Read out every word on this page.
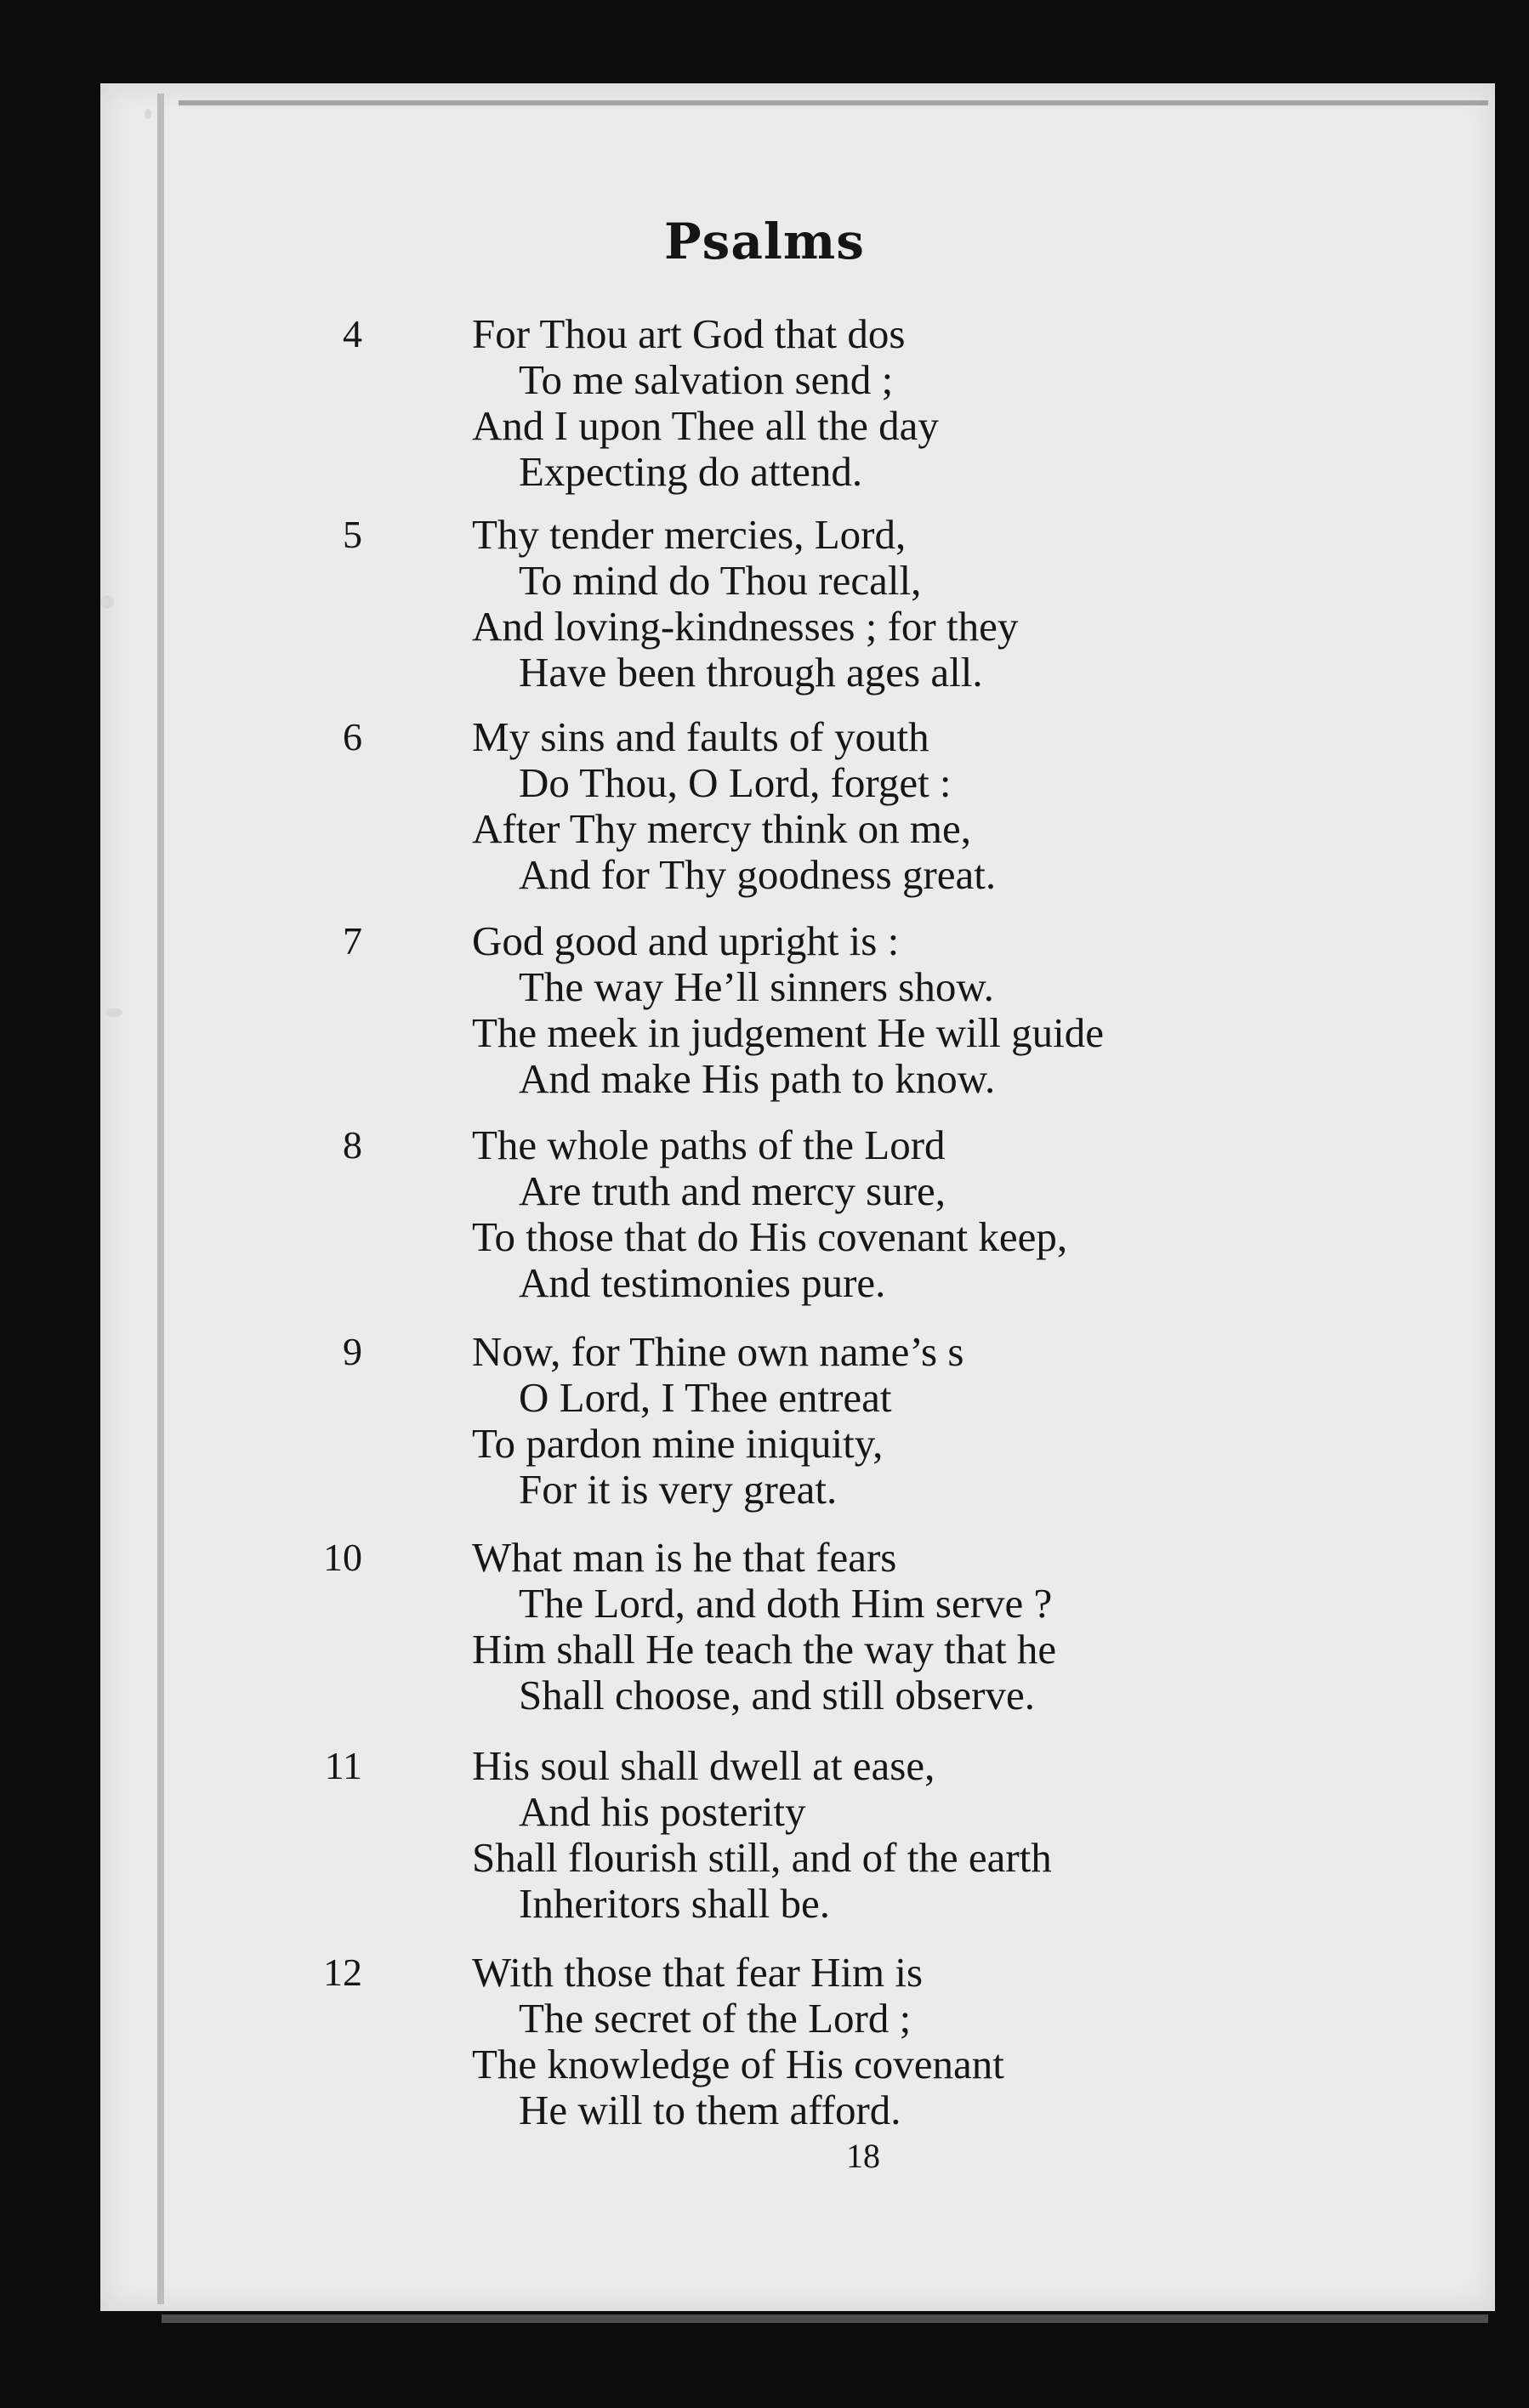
Psalms
4	For Thou art God that dos
To me salvation send ;
And I upon Thee all the day
Expecting do attend.
5	Thy tender mercies, Lord,
To mind do Thou recall,
And loving-kindnesses ; for they
Have been through ages all.
6	My sins and faults of youth
Do Thou, O Lord, forget :
After Thy mercy think on me,
And for Thy goodness great.
7	God good and upright is :
The way He’ll sinners show.
The meek in judgement He will guide
And make His path to know.
8	The whole paths of the Lord
Are truth and mercy sure,
To those that do His covenant keep,
And testimonies pure.
9	Now, for Thine own name’s s
O Lord, I Thee entreat
To pardon mine iniquity,
For it is very great.
10	What man is he that fears
The Lord, and doth Him serve ?
Him shall He teach the way that he
Shall choose, and still observe.
11	His soul shall dwell at ease,
And his posterity
Shall flourish still, and of the earth
Inheritors shall be.
12	With those that fear Him is
The secret of the Lord ;
The knowledge of His covenant
He will to them afford.
18
